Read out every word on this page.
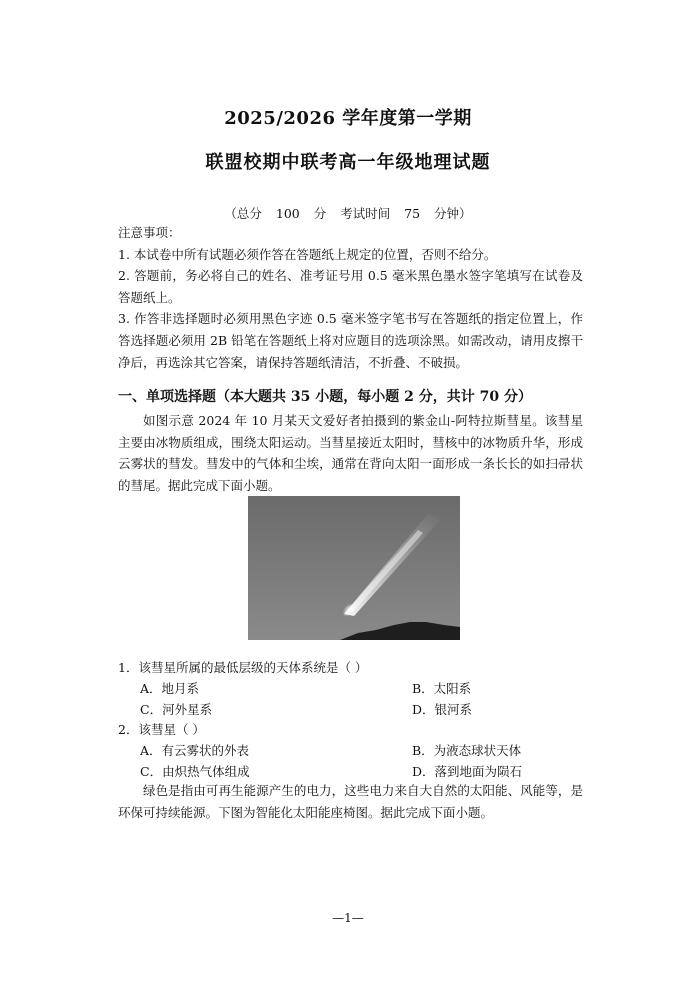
2025/2026 学年度第一学期
联盟校期中联考高一年级地理试题
（总分 100 分 考试时间 75 分钟）

注意事项：

1. 本试卷中所有试题必须作答在答题纸上规定的位置，否则不给分。

2. 答题前，务必将自己的姓名、准考证号用 0.5 毫米黑色墨水签字笔填写在试卷及答题纸上。

3. 作答非选择题时必须用黑色字迹 0.5 毫米签字笔书写在答题纸的指定位置上，作答选择题必须用 2B 铅笔在答题纸上将对应题目的选项涂黑。如需改动，请用皮擦干净后，再选涂其它答案，请保持答题纸清洁，不折叠、不破损。

一、单项选择题（本大题共 35 小题，每小题 2 分，共计 70 分）

如图示意 2024 年 10 月某天文爱好者拍摄到的紫金山-阿特拉斯彗星。该彗星主要由冰物质组成，围绕太阳运动。当彗星接近太阳时，彗核中的冰物质升华，形成云雾状的彗发。彗发中的气体和尘埃，通常在背向太阳一面形成一条长长的如扫帚状的彗尾。据此完成下面小题。

1．该彗星所属的最低层级的天体系统是（ ）
A．地月系	B．太阳系
C．河外星系	D．银河系
2．该彗星（ ）
A．有云雾状的外表	B．为液态球状天体
C．由炽热气体组成	D．落到地面为陨石

绿色是指由可再生能源产生的电力，这些电力来自大自然的太阳能、风能等，是环保可持续能源。下图为智能化太阳能座椅图。据此完成下面小题。

—1—
